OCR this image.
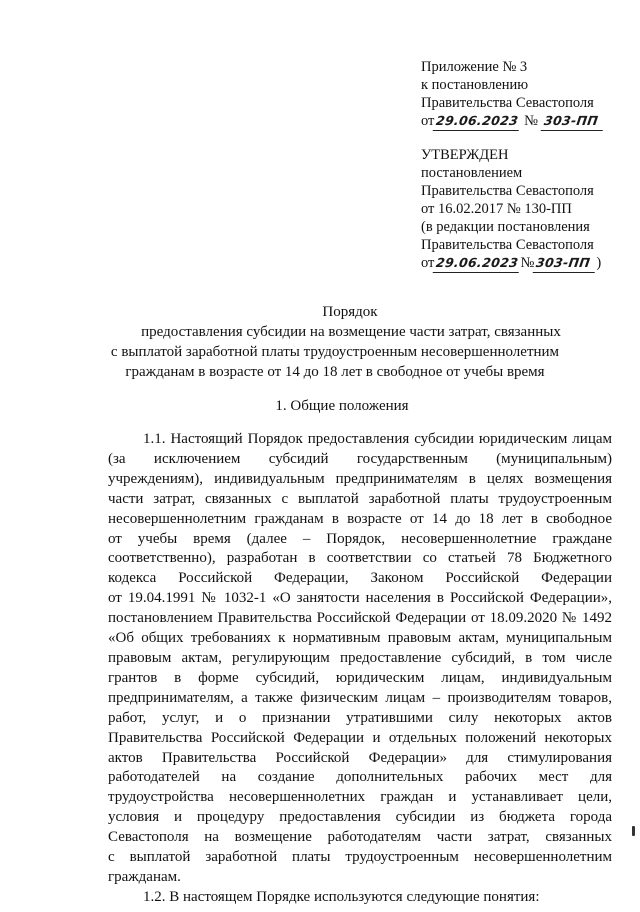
Приложение № 3
к постановлению
Правительства Севастополя
от29.06.2023 № 303-ПП
УТВЕРЖДЕН
постановлением
Правительства Севастополя
от 16.02.2017 № 130-ПП
(в редакции постановления
Правительства Севастополя
от29.06.2023№303-ПП )
Порядок
предоставления субсидии на возмещение части затрат, связанных
с выплатой заработной платы трудоустроенным несовершеннолетним
гражданам в возрасте от 14 до 18 лет в свободное от учебы время
1. Общие положения
1.1. Настоящий Порядок предоставления субсидии юридическим лицам
(за исключением субсидий государственным (муниципальным)
учреждениям), индивидуальным предпринимателям в целях возмещения
части затрат, связанных с выплатой заработной платы трудоустроенным
несовершеннолетним гражданам в возрасте от 14 до 18 лет в свободное
от учебы время (далее – Порядок, несовершеннолетние граждане
соответственно), разработан в соответствии со статьей 78 Бюджетного
кодекса Российской Федерации, Законом Российской Федерации
от 19.04.1991 № 1032-1 «О занятости населения в Российской Федерации»,
постановлением Правительства Российской Федерации от 18.09.2020 № 1492
«Об общих требованиях к нормативным правовым актам, муниципальным
правовым актам, регулирующим предоставление субсидий, в том числе
грантов в форме субсидий, юридическим лицам, индивидуальным
предпринимателям, а также физическим лицам – производителям товаров,
работ, услуг, и о признании утратившими силу некоторых актов
Правительства Российской Федерации и отдельных положений некоторых
актов Правительства Российской Федерации» для стимулирования
работодателей на создание дополнительных рабочих мест для
трудоустройства несовершеннолетних граждан и устанавливает цели,
условия и процедуру предоставления субсидии из бюджета города
Севастополя на возмещение работодателям части затрат, связанных
с выплатой заработной платы трудоустроенным несовершеннолетним
гражданам.
1.2. В настоящем Порядке используются следующие понятия:
